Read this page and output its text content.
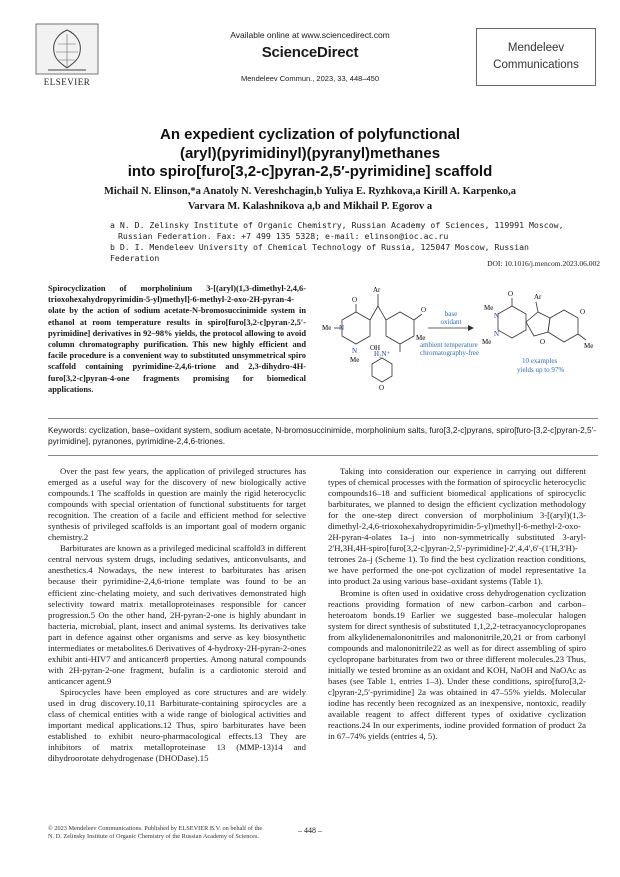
ELSEVIER
Available online at www.sciencedirect.com
ScienceDirect
Mendeleev Commun., 2023, 33, 448–450
Mendeleev
Communications
An expedient cyclization of polyfunctional
(aryl)(pyrimidinyl)(pyranyl)methanes
into spiro[furo[3,2-c]pyran-2,5′-pyrimidine] scaffold
Michail N. Elinson,*a Anatoly N. Vereshchagin,b Yuliya E. Ryzhkova,a Kirill A. Karpenko,a
Varvara M. Kalashnikova a,b and Mikhail P. Egorov a
a N. D. Zelinsky Institute of Organic Chemistry, Russian Academy of Sciences, 119991 Moscow,
Russian Federation. Fax: +7 499 135 5328; e-mail: elinson@ioc.ac.ru
b D. I. Mendeleev University of Chemical Technology of Russia, 125047 Moscow, Russian Federation
DOI: 10.1016/j.mencom.2023.06.002
Spirocyclization of morpholinium 3-[(aryl)(1,3-dimethyl-2,4,6-trioxohexahydropyrimidin-5-yl)methyl]-6-methyl-2-oxo-2H-pyran-4-olate by the action of sodium acetate-N-bromosuccinimide system in ethanol at room temperature results in spiro[furo[3,2-c]pyran-2,5′-pyrimidine] derivatives in 92–98% yields, the protocol allowing to avoid column chromatography purification. This new highly efficient and facile procedure is a convenient way to substituted unsymmetrical spiro scaffold containing pyrimidine-2,4,6-trione and 2,3-dihydro-4H-furo[3,2-c]pyran-4-one fragments promising for biomedical applications.
Ar
O
Me N
N
Me
OH
O
Me
H₂N⁺
O
base
oxidant
ambient temperature
chromatography-free
Ar
O
Me
N
N
Me	O
O
Me
10 examples
yields up to 97%
Keywords: cyclization, base–oxidant system, sodium acetate, N-bromosuccinimide, morpholinium salts, furo[3,2-c]pyrans, spiro[furo-[3,2-c]pyran-2,5′-pyrimidine], pyranones, pyrimidine-2,4,6-triones.

Over the past few years, the application of privileged structures has emerged as a useful way for the discovery of new biologically active compounds.1 The scaffolds in question are mainly the rigid heterocyclic compounds with special orientation of functional substituents for target recognition. The creation of a facile and efficient method for selective synthesis of privileged scaffolds is an important goal of modern organic chemistry.2

Barbiturates are known as a privileged medicinal scaffold3 in different central nervous system drugs, including sedatives, anticonvulsants, and anesthetics.4 Nowadays, the new interest to barbiturates has arisen because their pyrimidine-2,4,6-trione template was found to be an efficient zinc-chelating moiety, and such derivatives demonstrated high selectivity toward matrix metalloproteinases responsible for cancer progression.5 On the other hand, 2H-pyran-2-one is highly abundant in bacteria, microbial, plant, insect and animal systems. Its derivatives take part in defence against other organisms and serve as key biosynthetic intermediates or metabolites.6 Derivatives of 4-hydroxy-2H-pyran-2-ones exhibit anti-HIV7 and anticancer8 properties. Among natural compounds with 2H-pyran-2-one fragment, bufalin is a cardiotonic steroid and anticancer agent.9

Spirocycles have been employed as core structures and are widely used in drug discovery.10,11 Barbiturate-containing spirocycles are a class of chemical entities with a wide range of biological activities and important medical applications.12 Thus, spiro barbiturates have been established to exhibit neuro-pharmacological effects.13 They are inhibitors of matrix metalloproteinase 13 (MMP-13)14 and dihydroorotate dehydrogenase (DHODase).15

Taking into consideration our experience in carrying out different types of chemical processes with the formation of spirocyclic heterocyclic compounds16–18 and sufficient biomedical applications of spirocyclic barbiturates, we planned to design the efficient cyclization methodology for the one-step direct conversion of morpholinium 3-[(aryl)(1,3-dimethyl-2,4,6-trioxohexahydropyrimidin-5-yl)methyl]-6-methyl-2-oxo-2H-pyran-4-olates 1a–j into non-symmetrically substituted 3-aryl-2′H,3H,4H-spiro[furo[3,2-c]pyran-2,5′-pyrimidine]-2′,4,4′,6′-(1′H,3′H)-tetrones 2a–j (Scheme 1). To find the best cyclization reaction conditions, we have performed the one-pot cyclization of model representative 1a into product 2a using various base–oxidant systems (Table 1).

Bromine is often used in oxidative cross dehydrogenation cyclization reactions providing formation of new carbon–carbon and carbon–heteroatom bonds.19 Earlier we suggested base–molecular halogen system for direct synthesis of substituted 1,1,2,2-tetracyanocyclopropanes from alkylidenemalononitriles and malononitrile,20,21 or from carbonyl compounds and malononitrile22 as well as for direct assembling of spiro cyclopropane barbiturates from two or three different molecules.23 Thus, initially we tested bromine as an oxidant and KOH, NaOH and NaOAc as bases (see Table 1, entries 1–3). Under these conditions, spiro[furo[3,2-c]pyran-2,5′-pyrimidine] 2a was obtained in 47–55% yields. Molecular iodine has recently been recognized as an inexpensive, nontoxic, readily available reagent to affect different types of oxidative cyclization reactions.24 In our experiments, iodine provided formation of product 2a in 67–74% yields (entries 4, 5).

© 2023 Mendeleev Communications. Published by ELSEVIER B.V. on behalf of the N. D. Zelinsky Institute of Organic Chemistry of the Russian Academy of Sciences.
– 448 –
